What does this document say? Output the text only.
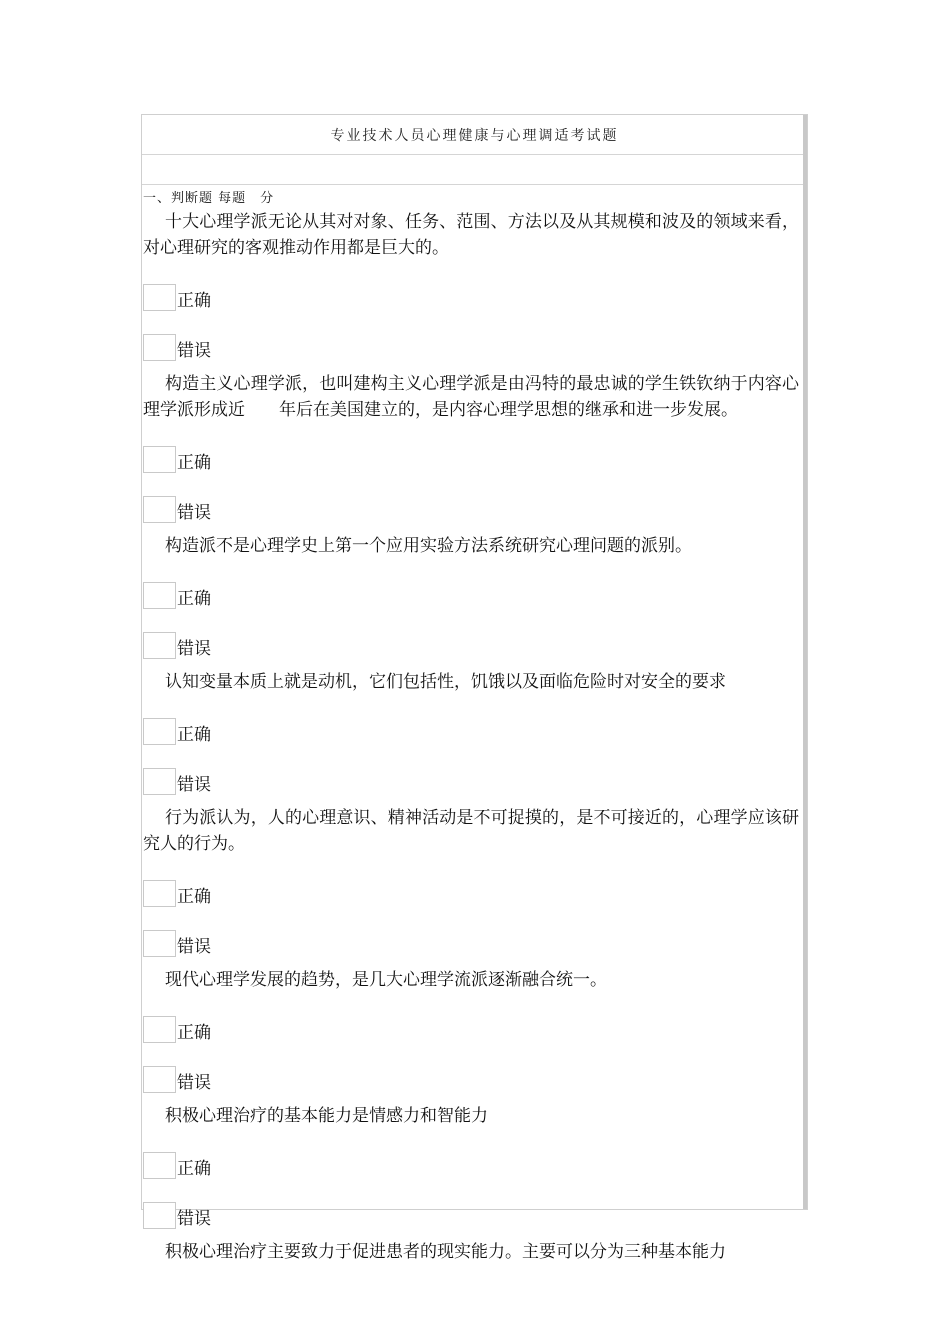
专业技术人员心理健康与心理调适考试题
一、判断题 每题 分
十大心理学派无论从其对对象、任务、范围、方法以及从其规模和波及的领域来看，对心理研究的客观推动作用都是巨大的。
正确
错误
构造主义心理学派，也叫建构主义心理学派是由冯特的最忠诚的学生铁钦纳于内容心理学派形成近　　年后在美国建立的，是内容心理学思想的继承和进一步发展。
正确
错误
构造派不是心理学史上第一个应用实验方法系统研究心理问题的派别。
正确
错误
认知变量本质上就是动机，它们包括性，饥饿以及面临危险时对安全的要求
正确
错误
行为派认为，人的心理意识、精神活动是不可捉摸的，是不可接近的，心理学应该研究人的行为。
正确
错误
现代心理学发展的趋势，是几大心理学流派逐渐融合统一。
正确
错误
积极心理治疗的基本能力是情感力和智能力
正确
错误
积极心理治疗主要致力于促进患者的现实能力。主要可以分为三种基本能力
